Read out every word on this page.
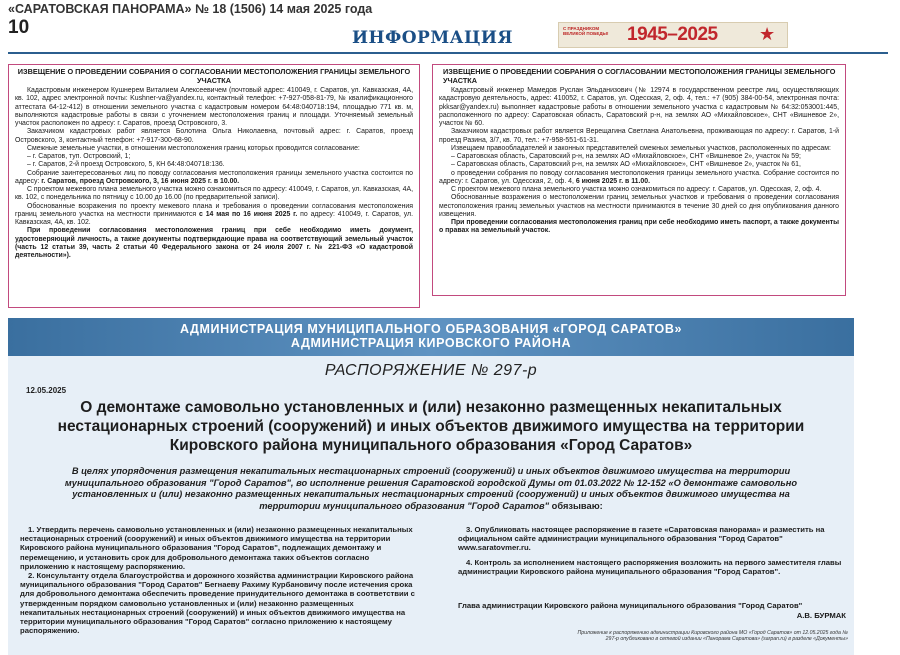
«САРАТОВСКАЯ ПАНОРАМА» № 18 (1506) 14 мая 2025 года
10	ИНФОРМАЦИЯ	С ПРАЗДНИКОМ ВЕЛИКОЙ ПОБЕДЫ! 1945–2025 ★
ИЗВЕЩЕНИЕ О ПРОВЕДЕНИИ СОБРАНИЯ О СОГЛАСОВАНИИ МЕСТОПОЛОЖЕНИЯ ГРАНИЦЫ ЗЕМЕЛЬНОГО УЧАСТКА

Кадастровым инженером Кушнерем Виталием Алексеевичем (почтовый адрес: 410049, г. Саратов, ул. Кавказская, 4А, кв. 102, адрес электронной почты: Kushner-va@yandex.ru, контактный телефон: +7-927-058-81-79, № квалификационного аттестата 64-12-412) в отношении земельного участка с кадастровым номером 64:48:040718:194, площадью 771 кв. м, выполняются кадастровые работы в связи с уточнением местоположения границ и площади. Уточняемый земельный участок расположен по адресу: г. Саратов, проезд Островского, 3.

Заказчиком кадастровых работ является Болотина Ольга Николаевна, почтовый адрес: г. Саратов, проезд Островского, 3, контактный телефон: +7-917-300-68-90.

Смежные земельные участки, в отношении местоположения границ которых проводится согласование:

– г. Саратов, туп. Островский, 1;

– г. Саратов, 2-й проезд Островского, 5, КН 64:48:040718:136.

Собрание заинтересованных лиц по поводу согласования местоположения границы земельного участка состоится по адресу: г. Саратов, проезд Островского, 3, 16 июня 2025 г. в 10.00.

С проектом межевого плана земельного участка можно ознакомиться по адресу: 410049, г. Саратов, ул. Кавказская, 4А, кв. 102, с понедельника по пятницу с 10.00 до 16.00 (по предварительной записи).

Обоснованные возражения по проекту межевого плана и требования о проведении согласования местоположения границ земельного участка на местности принимаются с 14 мая по 16 июня 2025 г. по адресу: 410049, г. Саратов, ул. Кавказская, 4А, кв. 102.

При проведении согласования местоположения границ при себе необходимо иметь документ, удостоверяющий личность, а также документы подтверждающие права на соответствующий земельный участок (часть 12 статьи 39, часть 2 статьи 40 Федерального закона от 24 июля 2007 г. № 221-ФЗ «О кадастровой деятельности»).

ИЗВЕЩЕНИЕ О ПРОВЕДЕНИИ СОБРАНИЯ О СОГЛАСОВАНИИ МЕСТОПОЛОЖЕНИЯ ГРАНИЦЫ ЗЕМЕЛЬНОГО УЧАСТКА

Кадастровый инженер Мамедов Руслан Эльданизович (№ 12974 в государственном реестре лиц, осуществляющих кадастровую деятельность, адрес: 410052, г. Саратов, ул. Одесская, 2, оф. 4, тел.: +7 (905) 384-00-54, электронная почта: pkksar@yandex.ru) выполняет кадастровые работы в отношении земельного участка с кадастровым № 64:32:053001:445, расположенного по адресу: Саратовская область, Саратовский р-н, на землях АО «Михайловское», СНТ «Вишневое 2», участок № 60.

Заказчиком кадастровых работ является Верещагина Светлана Анатольевна, проживающая по адресу: г. Саратов, 1-й проезд Разина, 3/7, кв. 70, тел.: +7-958-551-61-31.

Извещаем правообладателей и законных представителей смежных земельных участков, расположенных по адресам:

– Саратовская область, Саратовский р-н, на землях АО «Михайловское», СНТ «Вишневое 2», участок № 59;

– Саратовская область, Саратовский р-н, на землях АО «Михайловское», СНТ «Вишневое 2», участок № 61,

о проведении собрания по поводу согласования местоположения границы земельного участка. Собрание состоится по адресу: г. Саратов, ул. Одесская, 2, оф. 4, 6 июня 2025 г. в 11.00.

С проектом межевого плана земельного участка можно ознакомиться по адресу: г. Саратов, ул. Одесская, 2, оф. 4.

Обоснованные возражения о местоположении границ земельных участков и требования о проведении согласования местоположения границ земельных участков на местности принимаются в течение 30 дней со дня опубликования данного извещения.

При проведении согласования местоположения границ при себе необходимо иметь паспорт, а также документы о правах на земельный участок.

АДМИНИСТРАЦИЯ МУНИЦИПАЛЬНОГО ОБРАЗОВАНИЯ «ГОРОД САРАТОВ»
АДМИНИСТРАЦИЯ КИРОВСКОГО РАЙОНА
РАСПОРЯЖЕНИЕ № 297-р
12.05.2025
О демонтаже самовольно установленных и (или) незаконно размещенных некапитальных нестационарных строений (сооружений) и иных объектов движимого имущества на территории Кировского района муниципального образования «Город Саратов»
В целях упорядочения размещения некапитальных нестационарных строений (сооружений) и иных объектов движимого имущества на территории муниципального образования "Город Саратов", во исполнение решения Саратовской городской Думы от 01.03.2022 № 12-152 «О демонтаже самовольно установленных и (или) незаконно размещенных некапитальных нестационарных строений (сооружений) и иных объектов движимого имущества на территории муниципального образования "Город Саратов" обязываю:

1. Утвердить перечень самовольно установленных и (или) незаконно размещенных некапитальных нестационарных строений (сооружений) и иных объектов движимого имущества на территории Кировского района муниципального образования "Город Саратов", подлежащих демонтажу и перемещению, и установить срок для добровольного демонтажа таких объектов согласно приложению к настоящему распоряжению.

2. Консультанту отдела благоустройства и дорожного хозяйства администрации Кировского района муниципального образования "Город Саратов" Бегнаеву Рахиму Курбановичу после истечения срока для добровольного демонтажа обеспечить проведение принудительного демонтажа в соответствии с утвержденным порядком самовольно установленных и (или) незаконно размещенных некапитальных нестационарных строений (сооружений) и иных объектов движимого имущества на территории муниципального образования "Город Саратов" согласно приложению к настоящему распоряжению.

3. Опубликовать настоящее распоряжение в газете «Саратовская панорама» и разместить на официальном сайте администрации муниципального образования "Город Саратов" www.saratovmer.ru.

4. Контроль за исполнением настоящего распоряжения возложить на первого заместителя главы администрации Кировского района муниципального образования "Город Саратов".

Глава администрации Кировского района муниципального образования "Город Саратов"
А.В. БУРМАК
Приложение к распоряжению администрации Кировского района МО «Город Саратов» от 12.05.2025 года № 297-р опубликовано в сетевой издании «Панорама Саратова» (sarpan.ru) в разделе «Документы»
